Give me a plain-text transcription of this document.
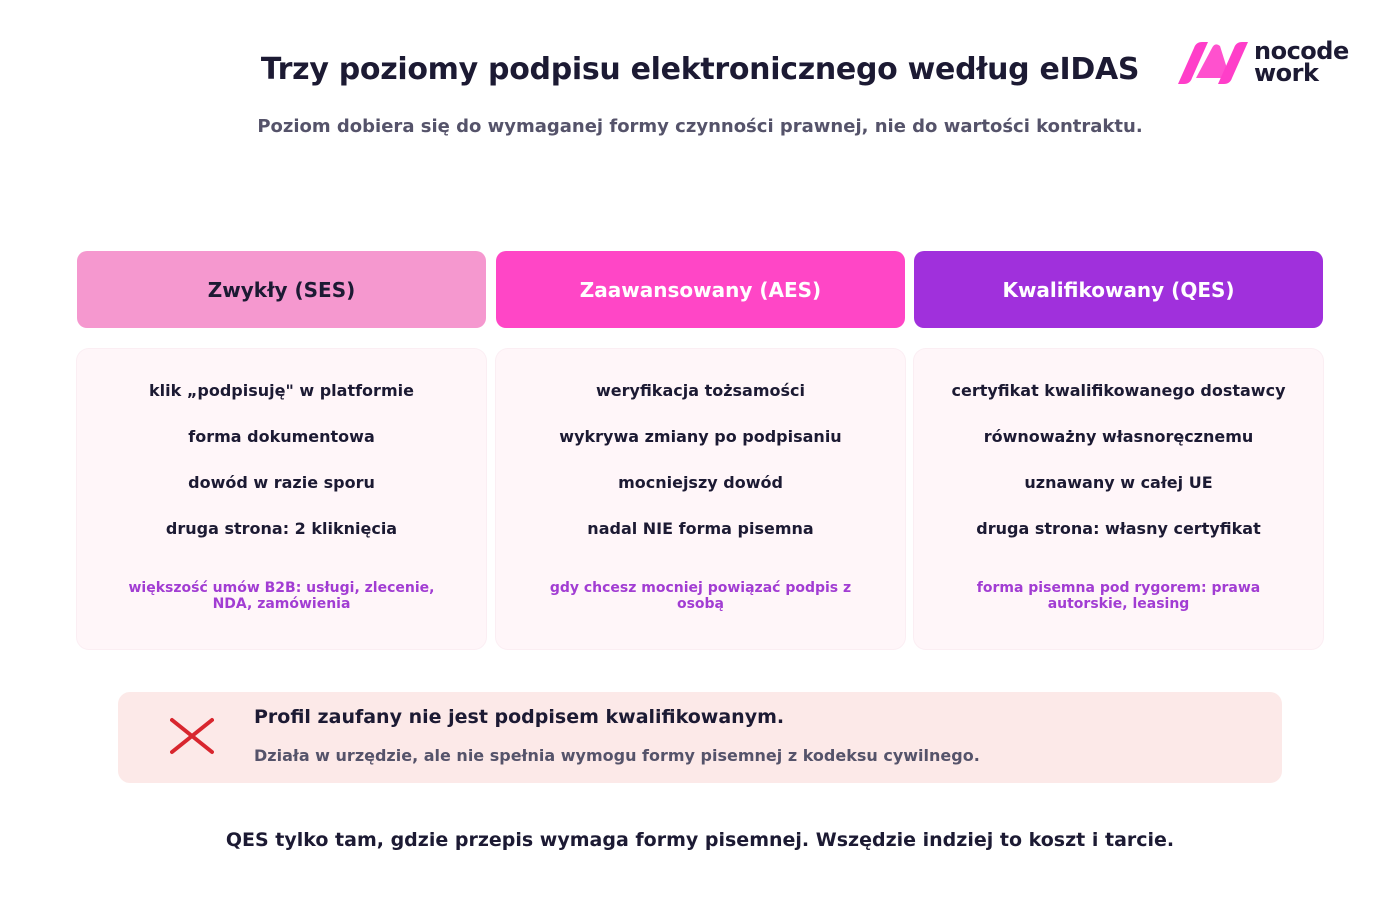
Trzy poziomy podpisu elektronicznego według eIDAS
Poziom dobiera się do wymaganej formy czynności prawnej, nie do wartości kontraktu.
nocode
work
Zwykły (SES)
klik „podpisuję" w platformie
forma dokumentowa
dowód w razie sporu
druga strona: 2 kliknięcia
większość umów B2B: usługi, zlecenie, NDA, zamówienia
Zaawansowany (AES)
weryfikacja tożsamości
wykrywa zmiany po podpisaniu
mocniejszy dowód
nadal NIE forma pisemna
gdy chcesz mocniej powiązać podpis z osobą
Kwalifikowany (QES)
certyfikat kwalifikowanego dostawcy
równoważny własnoręcznemu
uznawany w całej UE
druga strona: własny certyfikat
forma pisemna pod rygorem: prawa autorskie, leasing
Profil zaufany nie jest podpisem kwalifikowanym.
Działa w urzędzie, ale nie spełnia wymogu formy pisemnej z kodeksu cywilnego.
QES tylko tam, gdzie przepis wymaga formy pisemnej. Wszędzie indziej to koszt i tarcie.
